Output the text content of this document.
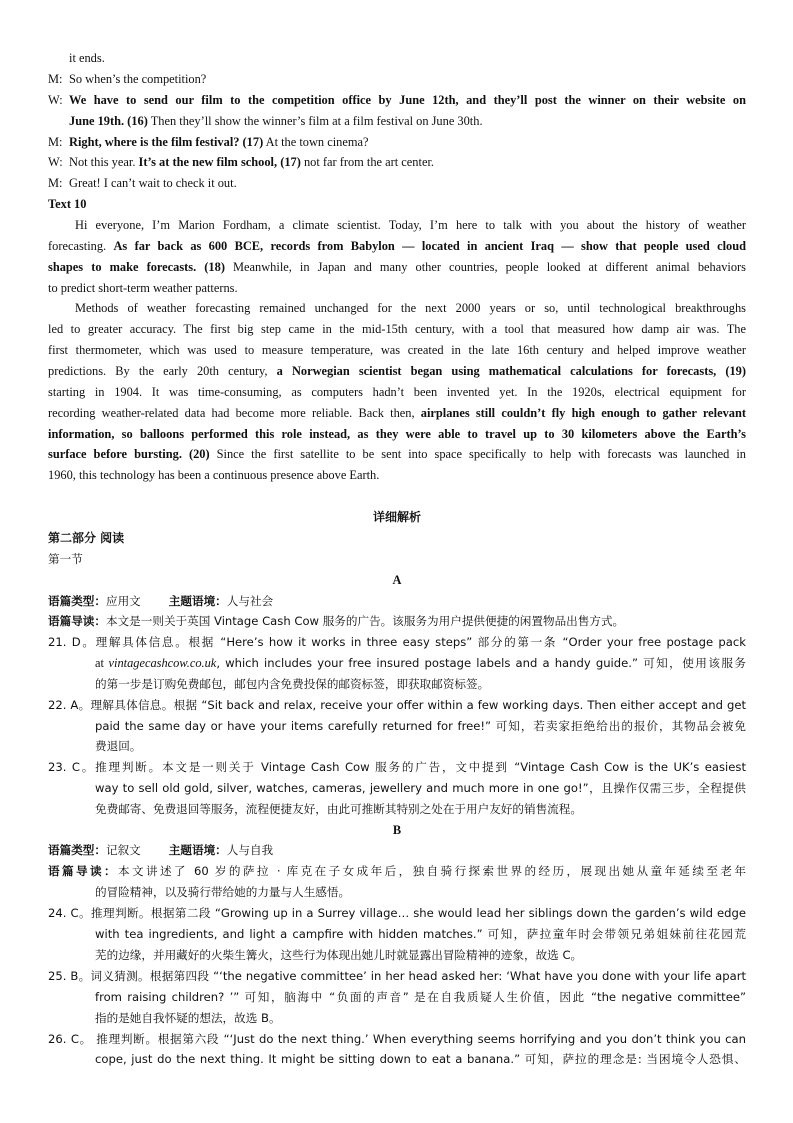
it ends.
M: So when’s the competition?
W: We have to send our film to the competition office by June 12th, and they’ll post the winner on their website on
June 19th. (16) Then they’ll show the winner’s film at a film festival on June 30th.
M: Right, where is the film festival? (17) At the town cinema?
W: Not this year. It’s at the new film school, (17) not far from the art center.
M: Great! I can’t wait to check it out.
Text 10
Hi everyone, I’m Marion Fordham, a climate scientist. Today, I’m here to talk with you about the history of weather
forecasting. As far back as 600 BCE, records from Babylon — located in ancient Iraq — show that people used cloud
shapes to make forecasts. (18) Meanwhile, in Japan and many other countries, people looked at different animal behaviors
to predict short-term weather patterns.
Methods of weather forecasting remained unchanged for the next 2000 years or so, until technological breakthroughs
led to greater accuracy. The first big step came in the mid-15th century, with a tool that measured how damp air was. The
first thermometer, which was used to measure temperature, was created in the late 16th century and helped improve weather
predictions. By the early 20th century, a Norwegian scientist began using mathematical calculations for forecasts, (19)
starting in 1904. It was time-consuming, as computers hadn’t been invented yet. In the 1920s, electrical equipment for
recording weather-related data had become more reliable. Back then, airplanes still couldn’t fly high enough to gather relevant
information, so balloons performed this role instead, as they were able to travel up to 30 kilometers above the Earth’s
surface before bursting. (20) Since the first satellite to be sent into space specifically to help with forecasts was launched in
1960, this technology has been a continuous presence above Earth.
详细解析
第二部分 阅读
第一节
A
语篇类型：应用文 主题语境：人与社会
语篇导读：本文是一则关于英国 Vintage Cash Cow 服务的广告。该服务为用户提供便捷的闲置物品出售方式。
21. D。理解具体信息。根据 “Here’s how it works in three easy steps” 部分的第一条 “Order your free postage pack
at vintagecashcow.co.uk, which includes your free insured postage labels and a handy guide.” 可知，使用该服务
的第一步是订购免费邮包，邮包内含免费投保的邮资标签，即获取邮资标签。
22. A。理解具体信息。根据 “Sit back and relax, receive your offer within a few working days. Then either accept and get
paid the same day or have your items carefully returned for free!” 可知，若卖家拒绝给出的报价，其物品会被免
费退回。
23. C。推理判断。本文是一则关于 Vintage Cash Cow 服务的广告，文中提到 “Vintage Cash Cow is the UK’s easiest
way to sell old gold, silver, watches, cameras, jewellery and much more in one go!”，且操作仅需三步，全程提供
免费邮寄、免费退回等服务，流程便捷友好，由此可推断其特别之处在于用户友好的销售流程。
B
语篇类型：记叙文 主题语境：人与自我
语篇导读：本文讲述了 60 岁的萨拉 · 库克在子女成年后，独自骑行探索世界的经历，展现出她从童年延续至老年
的冒险精神，以及骑行带给她的力量与人生感悟。
24. C。推理判断。根据第二段 “Growing up in a Surrey village… she would lead her siblings down the garden’s wild edge
with tea ingredients, and light a campfire with hidden matches.” 可知，萨拉童年时会带领兄弟姐妹前往花园荒
芜的边缘，并用藏好的火柴生篝火，这些行为体现出她儿时就显露出冒险精神的迹象，故选 C。
25. B。词义猜测。根据第四段 “‘the negative committee’ in her head asked her: ‘What have you done with your life apart
from raising children? ’” 可知，脑海中 “负面的声音” 是在自我质疑人生价值，因此 “the negative committee”
指的是她自我怀疑的想法，故选 B。
26. C。 推理判断。根据第六段 “‘Just do the next thing.’ When everything seems horrifying and you don’t think you can
cope, just do the next thing. It might be sitting down to eat a banana.” 可知，萨拉的理念是: 当困境令人恐惧、
